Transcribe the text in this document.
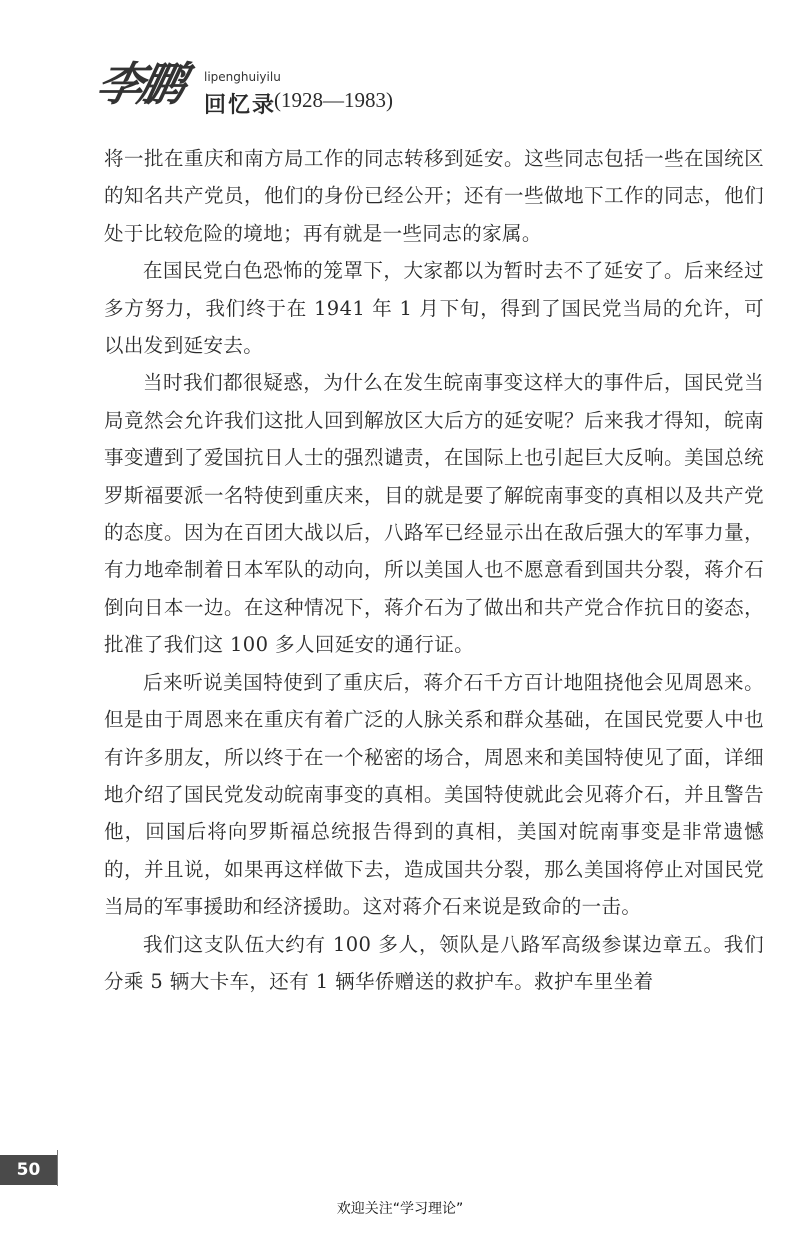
李鹏 lipenghuiyilu
回忆录
(1928—1983)

将一批在重庆和南方局工作的同志转移到延安。这些同志包括一些在国统区的知名共产党员，他们的身份已经公开；还有一些做地下工作的同志，他们处于比较危险的境地；再有就是一些同志的家属。

在国民党白色恐怖的笼罩下，大家都以为暂时去不了延安了。后来经过多方努力，我们终于在 1941 年 1 月下旬，得到了国民党当局的允许，可以出发到延安去。

当时我们都很疑惑，为什么在发生皖南事变这样大的事件后，国民党当局竟然会允许我们这批人回到解放区大后方的延安呢？后来我才得知，皖南事变遭到了爱国抗日人士的强烈谴责，在国际上也引起巨大反响。美国总统罗斯福要派一名特使到重庆来，目的就是要了解皖南事变的真相以及共产党的态度。因为在百团大战以后，八路军已经显示出在敌后强大的军事力量，有力地牵制着日本军队的动向，所以美国人也不愿意看到国共分裂，蒋介石倒向日本一边。在这种情况下，蒋介石为了做出和共产党合作抗日的姿态，批准了我们这 100 多人回延安的通行证。

后来听说美国特使到了重庆后，蒋介石千方百计地阻挠他会见周恩来。但是由于周恩来在重庆有着广泛的人脉关系和群众基础，在国民党要人中也有许多朋友，所以终于在一个秘密的场合，周恩来和美国特使见了面，详细地介绍了国民党发动皖南事变的真相。美国特使就此会见蒋介石，并且警告他，回国后将向罗斯福总统报告得到的真相，美国对皖南事变是非常遗憾的，并且说，如果再这样做下去，造成国共分裂，那么美国将停止对国民党当局的军事援助和经济援助。这对蒋介石来说是致命的一击。

我们这支队伍大约有 100 多人，领队是八路军高级参谋边章五。我们分乘 5 辆大卡车，还有 1 辆华侨赠送的救护车。救护车里坐着

50
欢迎关注“学习理论”
